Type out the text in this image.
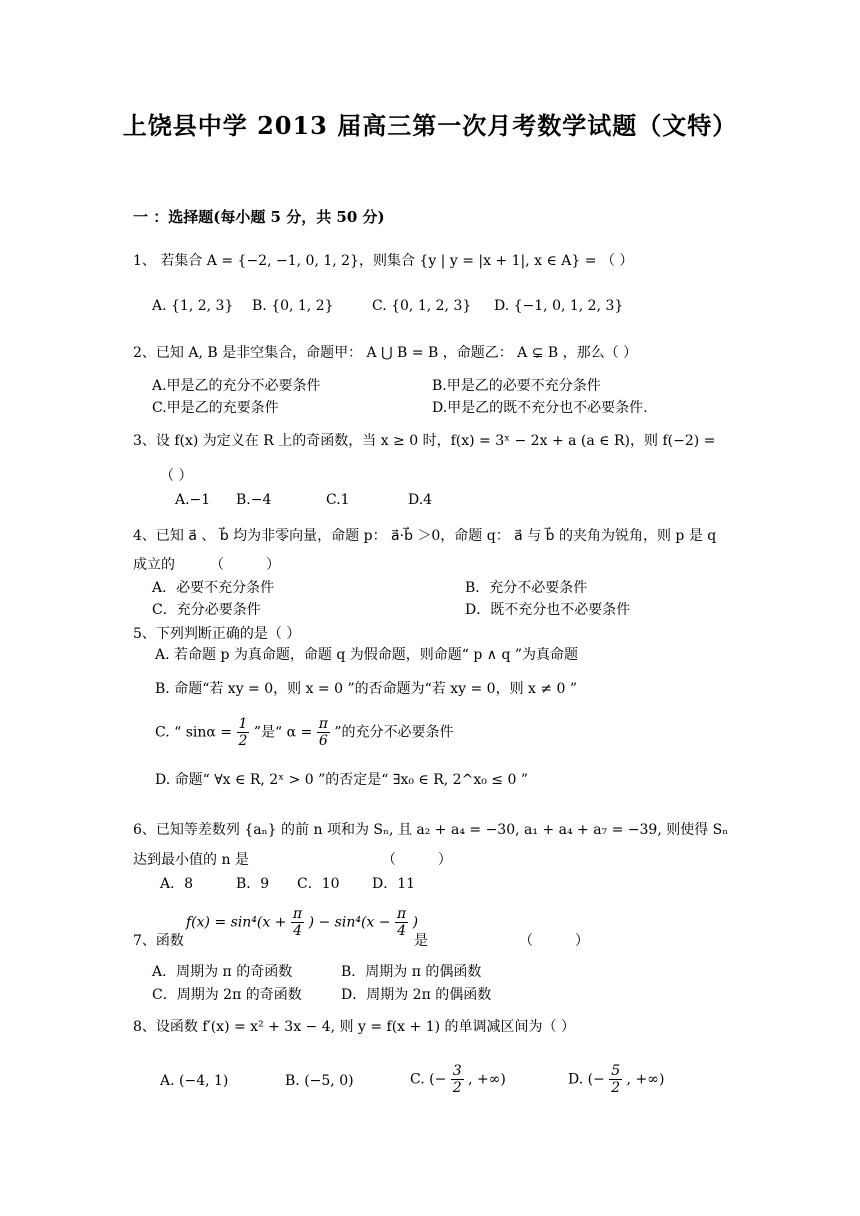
上饶县中学 2013 届高三第一次月考数学试题（文特）
一 ：选择题(每小题 5 分，共 50 分)
1、 若集合 A = {−2, −1, 0, 1, 2}，则集合 {y | y = |x + 1|, x ∈ A} = （ ）
A. {1, 2, 3} B. {0, 1, 2}	C. {0, 1, 2, 3} D. {−1, 0, 1, 2, 3}
2、已知 A, B 是非空集合，命题甲： A ⋃ B = B ，命题乙： A ⊊ B ，那么（ ）
A.甲是乙的充分不必要条件	B.甲是乙的必要不充分条件
C.甲是乙的充要条件	D.甲是乙的既不充分也不必要条件.
3、设 f(x) 为定义在 R 上的奇函数，当 x ≥ 0 时，f(x) = 3ˣ − 2x + a (a ∈ R)，则 f(−2) =
（ ）
A.−1 B.−4	C.1	D.4
4、已知 a⃗ 、 b⃗ 均为非零向量，命题 p： a⃗·b⃗ ＞0，命题 q： a⃗ 与 b⃗ 的夹角为锐角，则 p 是 q
成立的　　　（　　　）
A．必要不充分条件	B．充分不必要条件
C．充分必要条件	D．既不充分也不必要条件
5、下列判断正确的是（ ）
A. 若命题 p 为真命题，命题 q 为假命题，则命题“ p ∧ q ”为真命题
B. 命题“若 xy = 0，则 x = 0 ”的否命题为“若 xy = 0，则 x ≠ 0 ”
C. “ $\sin\alpha = \frac{1}{2}$ ”是“ $\alpha = \frac{\pi}{6}$ ”的充分不必要条件
D. 命题“ ∀x ∈ R, 2ˣ > 0 ”的否定是“ ∃x₀ ∈ R, 2^x₀ ≤ 0 ”
6、已知等差数列 {aₙ} 的前 n 项和为 Sₙ, 且 a₂ + a₄ = −30, a₁ + a₄ + a₇ = −39, 则使得 Sₙ
达到最小值的 n 是　　　　　　　　　　（　　　）
A．8	B．9 C．10 D．11
$f(x) = \sin^4(x + \frac{\pi}{4}$ ) − $\sin^4(x - \frac{\pi}{4}$ )
7、函数	是　　　　　　　（　　　）
A．周期为 π 的奇函数	B．周期为 π 的偶函数
C．周期为 2π 的奇函数	D．周期为 2π 的偶函数
8、设函数 f′(x) = x² + 3x − 4, 则 y = f(x + 1) 的单调减区间为（ ）
A. (−4, 1)	B. (−5, 0)	C. (− $\frac{3}{2}$ , +∞)	D. (− $\frac{5}{2}$ , +∞)
